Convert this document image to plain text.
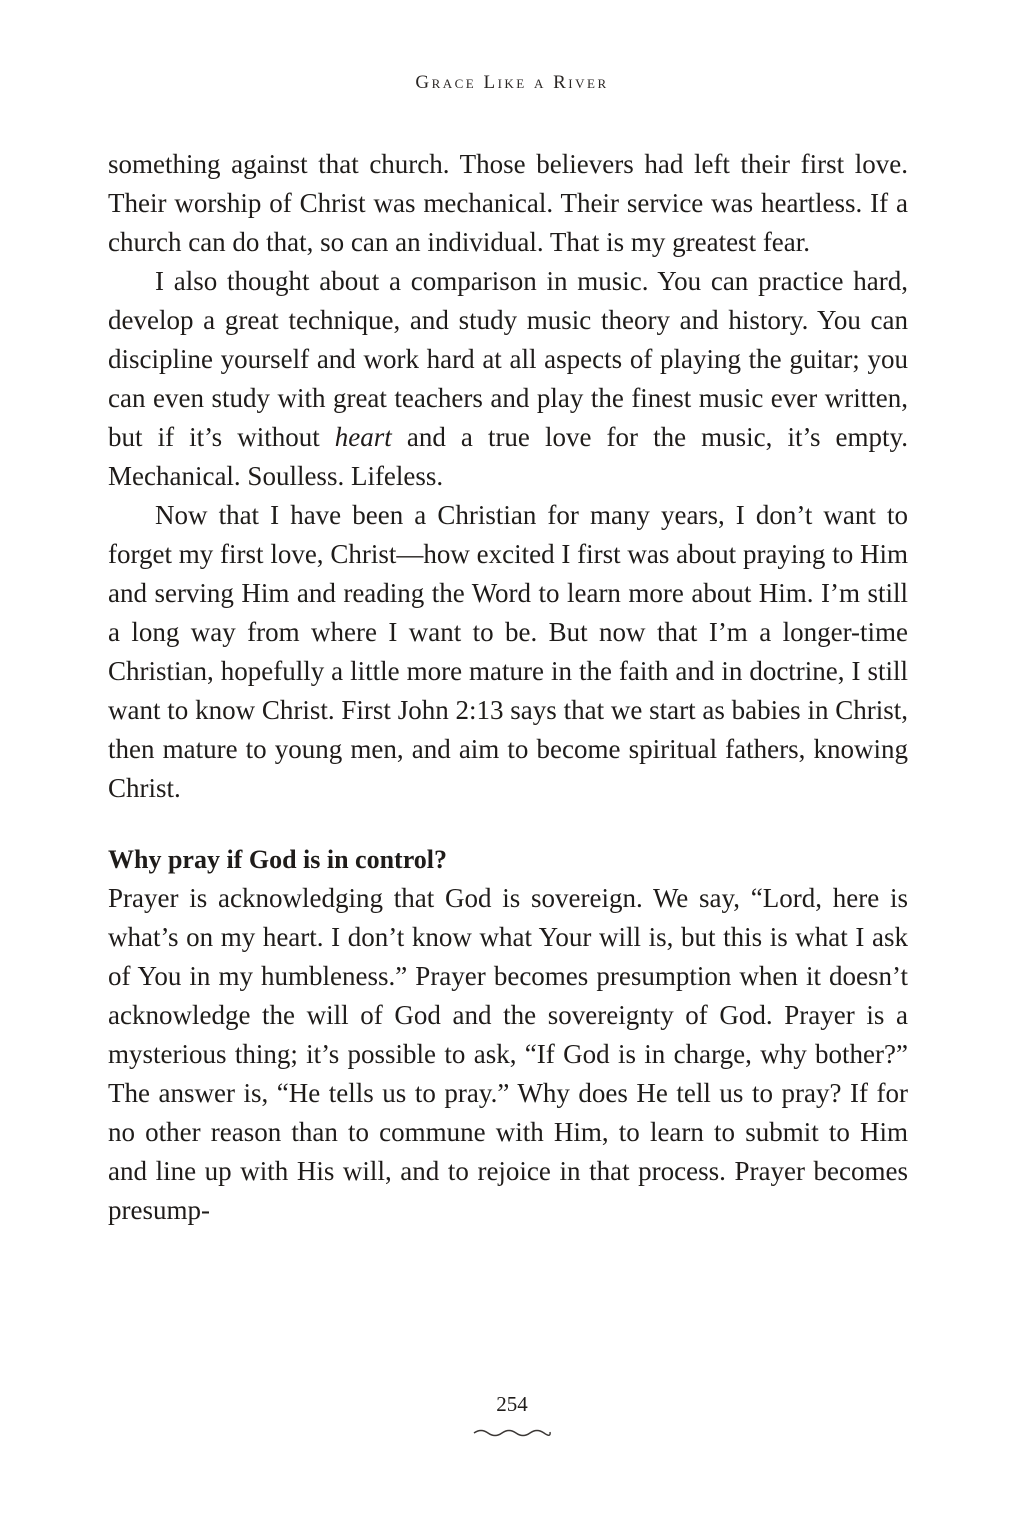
Grace Like a River

something against that church. Those believers had left their first love. Their worship of Christ was mechanical. Their service was heartless. If a church can do that, so can an individual. That is my greatest fear.

I also thought about a comparison in music. You can practice hard, develop a great technique, and study music theory and history. You can discipline yourself and work hard at all aspects of playing the guitar; you can even study with great teachers and play the finest music ever written, but if it’s without heart and a true love for the music, it’s empty. Mechanical. Soulless. Lifeless.

Now that I have been a Christian for many years, I don’t want to forget my first love, Christ—how excited I first was about praying to Him and serving Him and reading the Word to learn more about Him. I’m still a long way from where I want to be. But now that I’m a longer-time Christian, hopefully a little more mature in the faith and in doctrine, I still want to know Christ. First John 2:13 says that we start as babies in Christ, then mature to young men, and aim to become spiritual fathers, knowing Christ.

Why pray if God is in control?

Prayer is acknowledging that God is sovereign. We say, “Lord, here is what’s on my heart. I don’t know what Your will is, but this is what I ask of You in my humbleness.” Prayer becomes presumption when it doesn’t acknowledge the will of God and the sovereignty of God. Prayer is a mysterious thing; it’s possible to ask, “If God is in charge, why bother?” The answer is, “He tells us to pray.” Why does He tell us to pray? If for no other reason than to commune with Him, to learn to submit to Him and line up with His will, and to rejoice in that process. Prayer becomes presump-

254
